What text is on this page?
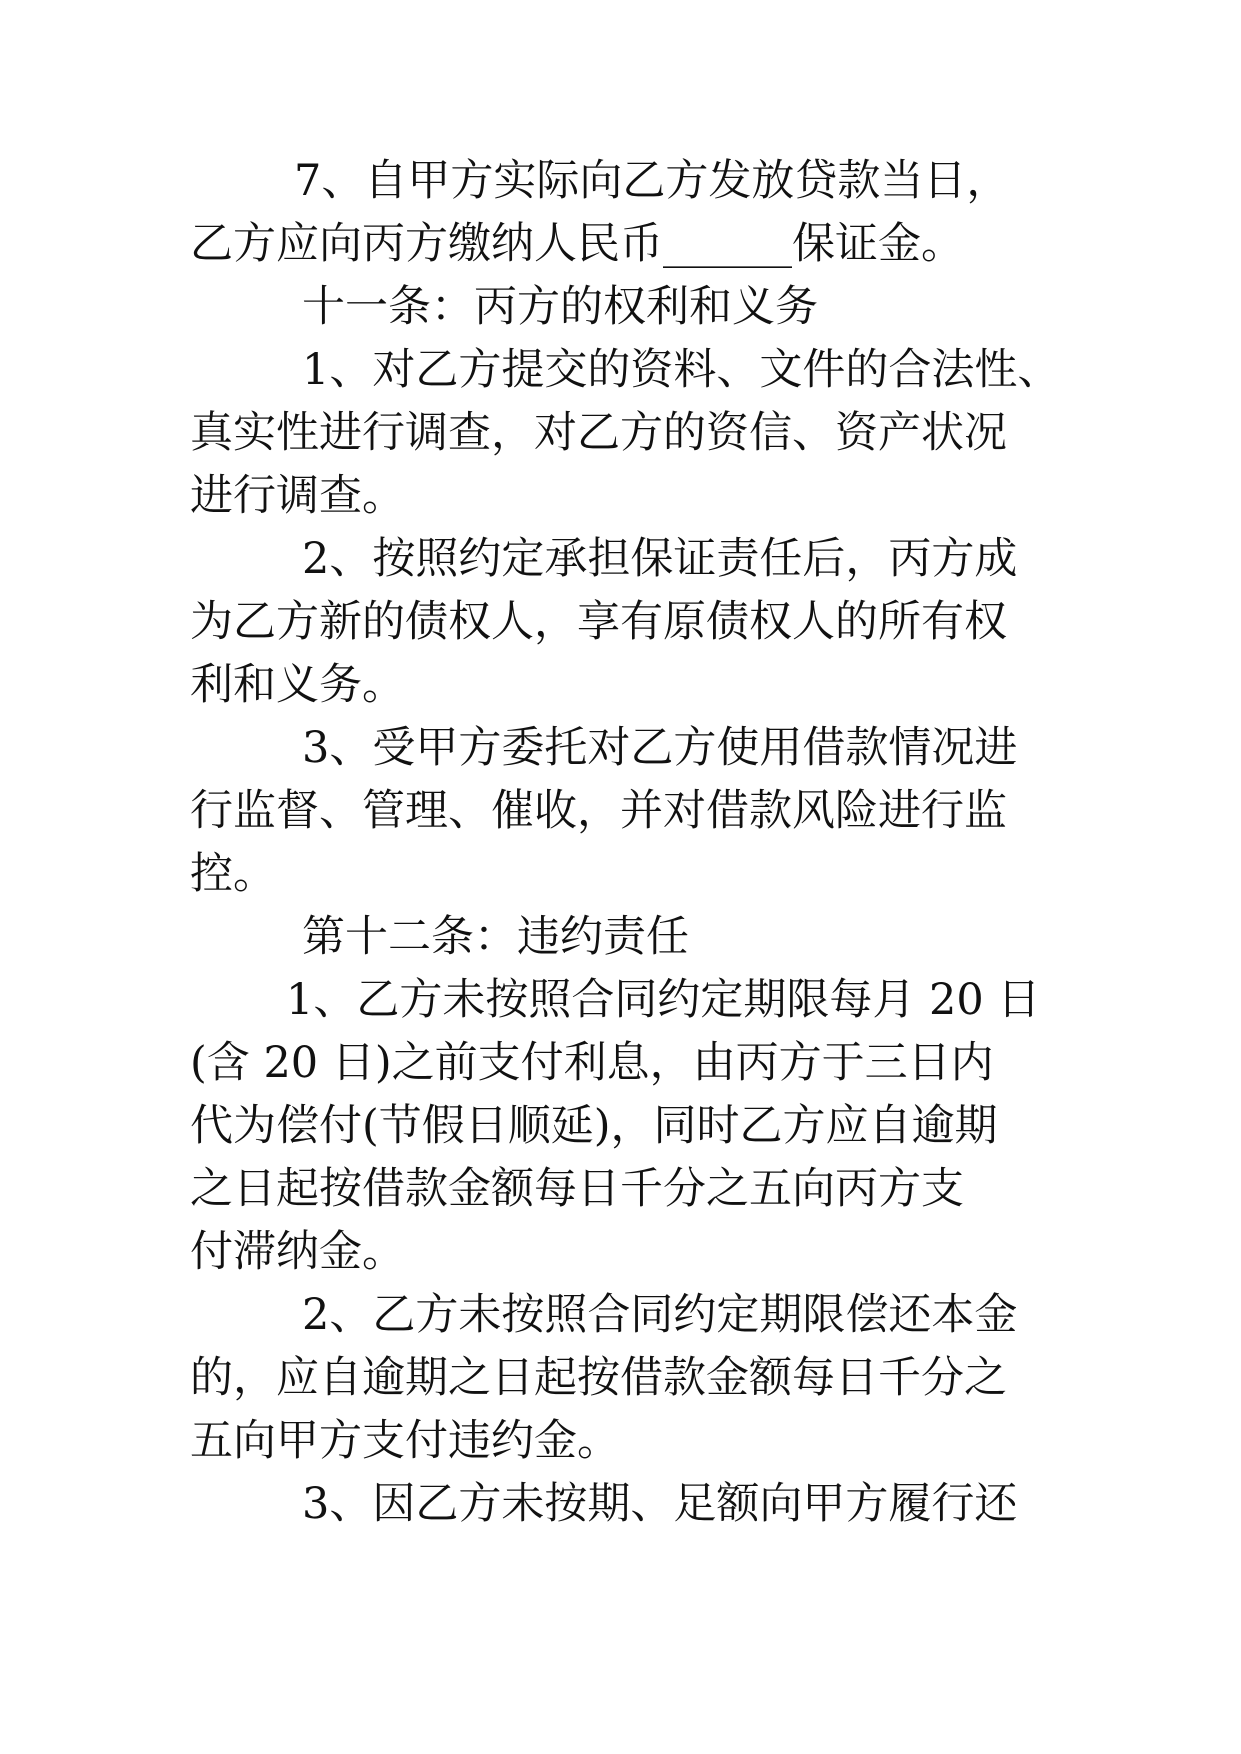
7、自甲方实际向乙方发放贷款当日，
乙方应向丙方缴纳人民币______保证金。
十一条：丙方的权利和义务
1、对乙方提交的资料、文件的合法性、
真实性进行调查，对乙方的资信、资产状况
进行调查。
2、按照约定承担保证责任后，丙方成
为乙方新的债权人，享有原债权人的所有权
利和义务。
3、受甲方委托对乙方使用借款情况进
行监督、管理、催收，并对借款风险进行监
控。
第十二条：违约责任
1、乙方未按照合同约定期限每月 20 日
(含 20 日)之前支付利息，由丙方于三日内
代为偿付(节假日顺延)，同时乙方应自逾期
之日起按借款金额每日千分之五向丙方支
付滞纳金。
2、乙方未按照合同约定期限偿还本金
的，应自逾期之日起按借款金额每日千分之
五向甲方支付违约金。
3、因乙方未按期、足额向甲方履行还
